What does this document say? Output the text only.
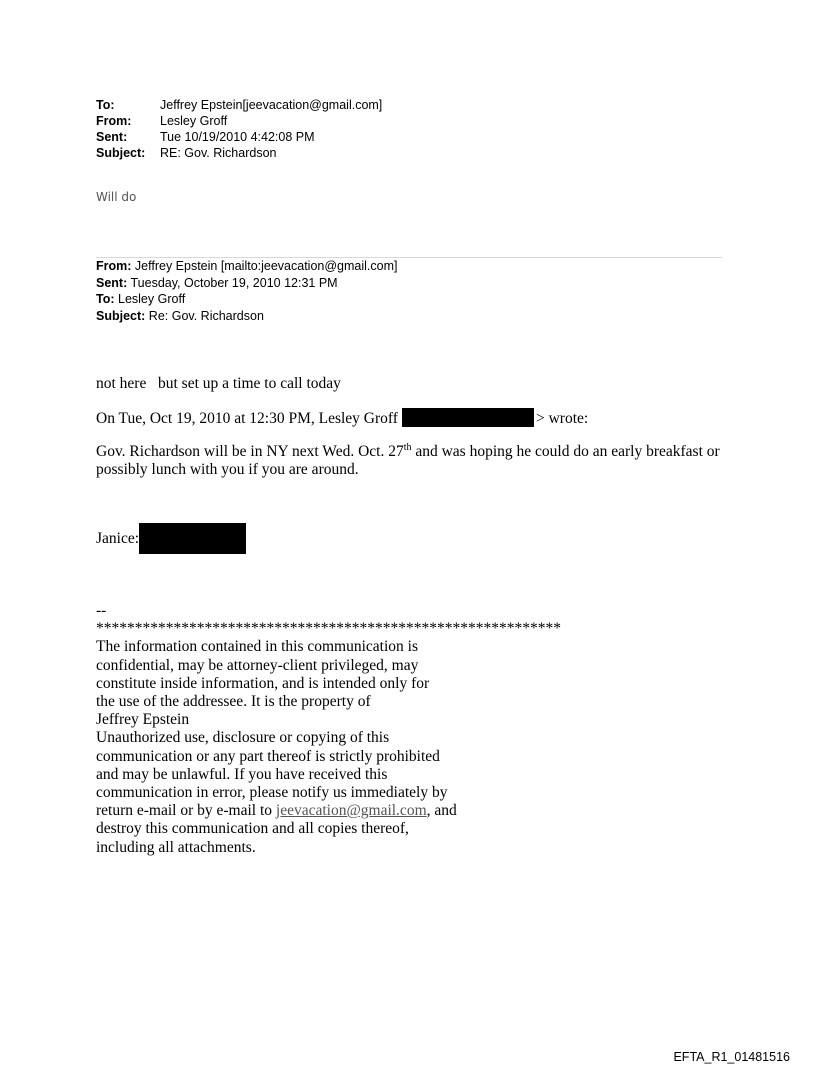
To:	Jeffrey Epstein[jeevacation@gmail.com]
From:	Lesley Groff
Sent:	Tue 10/19/2010 4:42:08 PM
Subject:	RE: Gov. Richardson
Will do
From: Jeffrey Epstein [mailto:jeevacation@gmail.com]
Sent: Tuesday, October 19, 2010 12:31 PM
To: Lesley Groff
Subject: Re: Gov. Richardson
not here   but set up a time to call today
On Tue, Oct 19, 2010 at 12:30 PM, Lesley Groff	> wrote:
Gov. Richardson will be in NY next Wed. Oct. 27th and was hoping he could do an early breakfast or possibly lunch with you if you are around.
Janice:
--
************************************************************
The information contained in this communication is
confidential, may be attorney-client privileged, may
constitute inside information, and is intended only for
the use of the addressee. It is the property of
Jeffrey Epstein
Unauthorized use, disclosure or copying of this
communication or any part thereof is strictly prohibited
and may be unlawful. If you have received this
communication in error, please notify us immediately by
return e-mail or by e-mail to jeevacation@gmail.com, and
destroy this communication and all copies thereof,
including all attachments.
EFTA_R1_01481516
